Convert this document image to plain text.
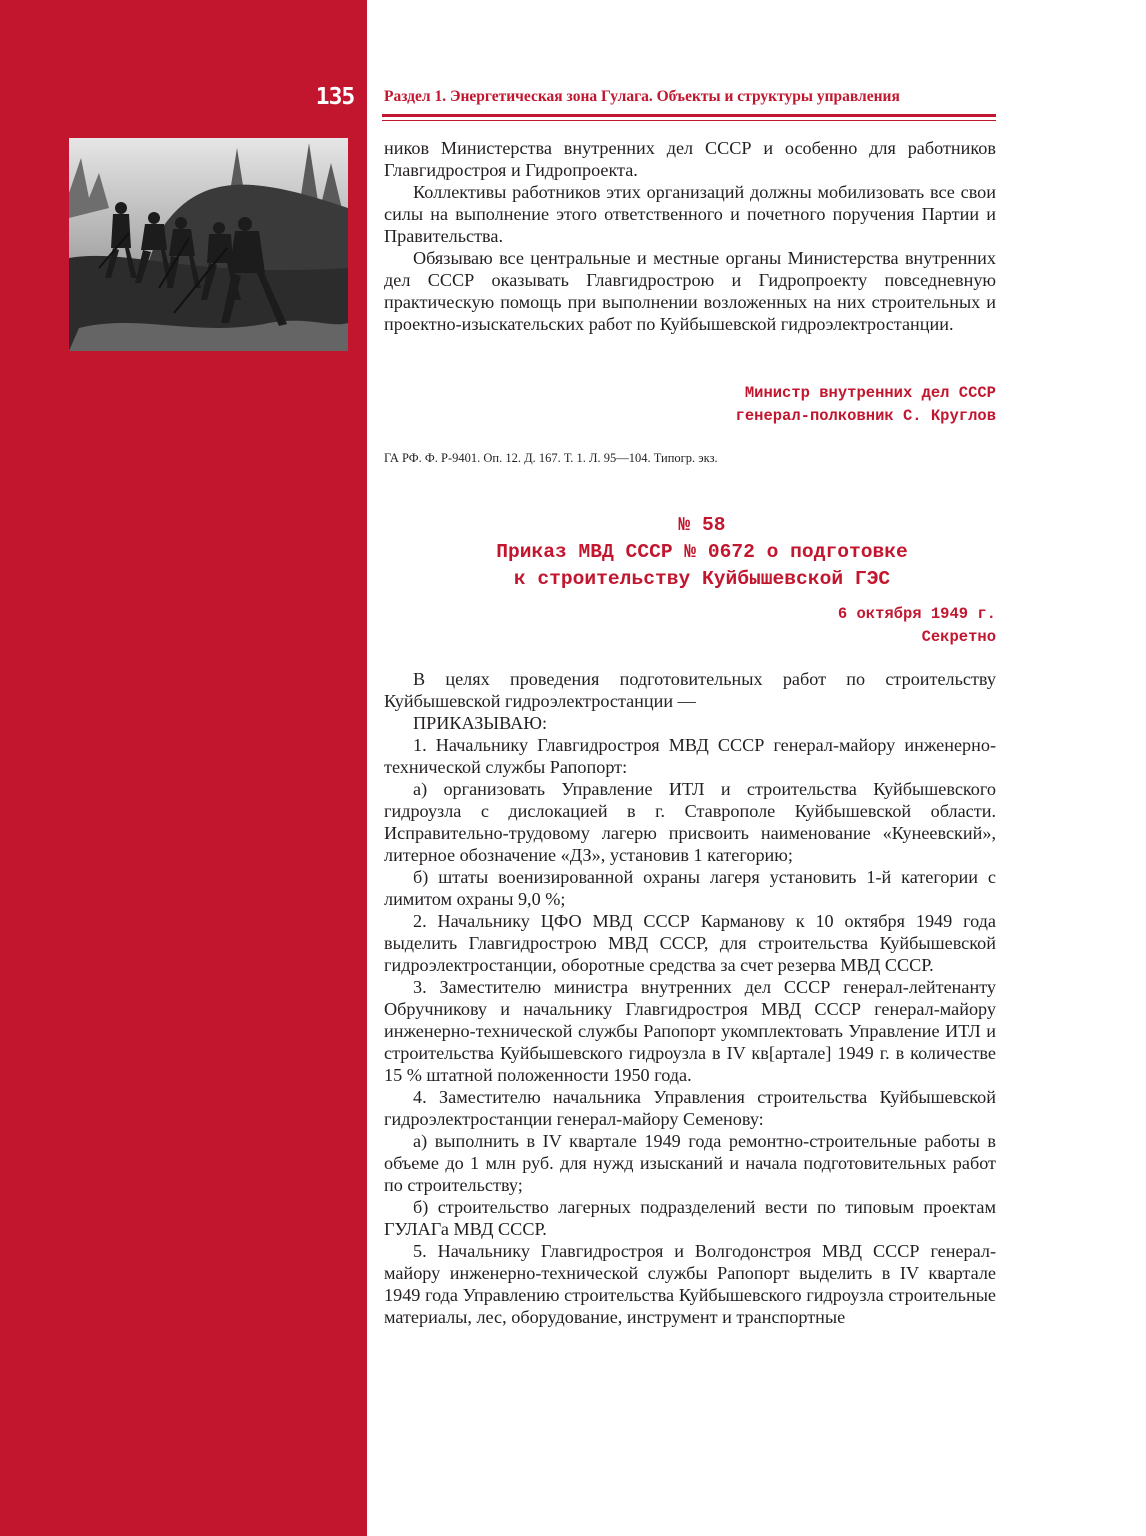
135 Раздел 1. Энергетическая зона Гулага. Объекты и структуры управления

ников Министерства внутренних дел СССР и особенно для работников Главгидростроя и Гидропроекта.

Коллективы работников этих организаций должны мобилизовать все свои силы на выполнение этого ответственного и почетного поручения Партии и Правительства.

Обязываю все центральные и местные органы Министерства внутренних дел СССР оказывать Главгидрострою и Гидропроекту повседневную практическую помощь при выполнении возложенных на них строительных и проектно-изыскательских работ по Куйбышевской гидроэлектростанции.

Министр внутренних дел СССР
генерал-полковник С. Круглов
ГА РФ. Ф. Р-9401. Оп. 12. Д. 167. Т. 1. Л. 95—104. Типогр. экз.
№ 58
Приказ МВД СССР № 0672 о подготовке
к строительству Куйбышевской ГЭС
6 октября 1949 г.
Секретно

В целях проведения подготовительных работ по строительству Куйбышевской гидроэлектростанции —

ПРИКАЗЫВАЮ:

1. Начальнику Главгидростроя МВД СССР генерал-майору инженерно-технической службы Рапопорт:

а) организовать Управление ИТЛ и строительства Куйбышевского гидроузла с дислокацией в г. Ставрополе Куйбышевской области. Исправительно-трудовому лагерю присвоить наименование «Кунеевский», литерное обозначение «ДЗ», установив 1 категорию;

б) штаты военизированной охраны лагеря установить 1-й категории с лимитом охраны 9,0 %;

2. Начальнику ЦФО МВД СССР Карманову к 10 октября 1949 года выделить Главгидрострою МВД СССР, для строительства Куйбышевской гидроэлектростанции, оборотные средства за счет резерва МВД СССР.

3. Заместителю министра внутренних дел СССР генерал-лейтенанту Обручникову и начальнику Главгидростроя МВД СССР генерал-майору инженерно-технической службы Рапопорт укомплектовать Управление ИТЛ и строительства Куйбышевского гидроузла в IV кв[артале] 1949 г. в количестве 15 % штатной положенности 1950 года.

4. Заместителю начальника Управления строительства Куйбышевской гидроэлектростанции генерал-майору Семенову:

а) выполнить в IV квартале 1949 года ремонтно-строительные работы в объеме до 1 млн руб. для нужд изысканий и начала подготовительных работ по строительству;

б) строительство лагерных подразделений вести по типовым проектам ГУЛАГа МВД СССР.

5. Начальнику Главгидростроя и Волгодонстроя МВД СССР генерал-майору инженерно-технической службы Рапопорт выделить в IV квартале 1949 года Управлению строительства Куйбышевского гидроузла строительные материалы, лес, оборудование, инструмент и транспортные
